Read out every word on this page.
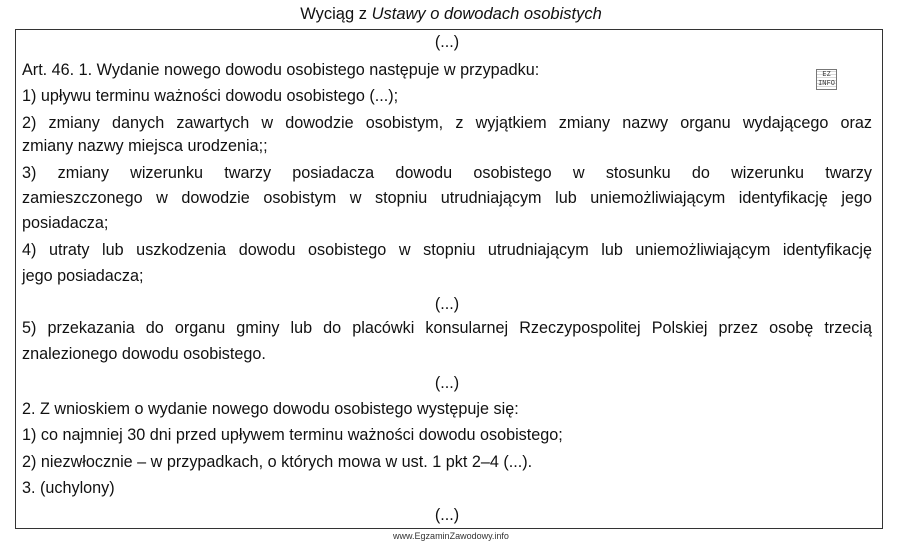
Wyciąg z Ustawy o dowodach osobistych
(...)
Art. 46. 1. Wydanie nowego dowodu osobistego następuje w przypadku:
1) upływu terminu ważności dowodu osobistego (...);
2) zmiany danych zawartych w dowodzie osobistym, z wyjątkiem zmiany nazwy organu wydającego oraz
zmiany nazwy miejsca urodzenia;;
3) zmiany wizerunku twarzy posiadacza dowodu osobistego w stosunku do wizerunku twarzy
zamieszczonego w dowodzie osobistym w stopniu utrudniającym lub uniemożliwiającym identyfikację jego
posiadacza;
4) utraty lub uszkodzenia dowodu osobistego w stopniu utrudniającym lub uniemożliwiającym identyfikację
jego posiadacza;
(...)
5) przekazania do organu gminy lub do placówki konsularnej Rzeczypospolitej Polskiej przez osobę trzecią
znalezionego dowodu osobistego.
(...)
2. Z wnioskiem o wydanie nowego dowodu osobistego występuje się:
1) co najmniej 30 dni przed upływem terminu ważności dowodu osobistego;
2) niezwłocznie – w przypadkach, o których mowa w ust. 1 pkt 2–4 (...).
3. (uchylony)
(...)
EZ INFO
www.EgzaminZawodowy.info
